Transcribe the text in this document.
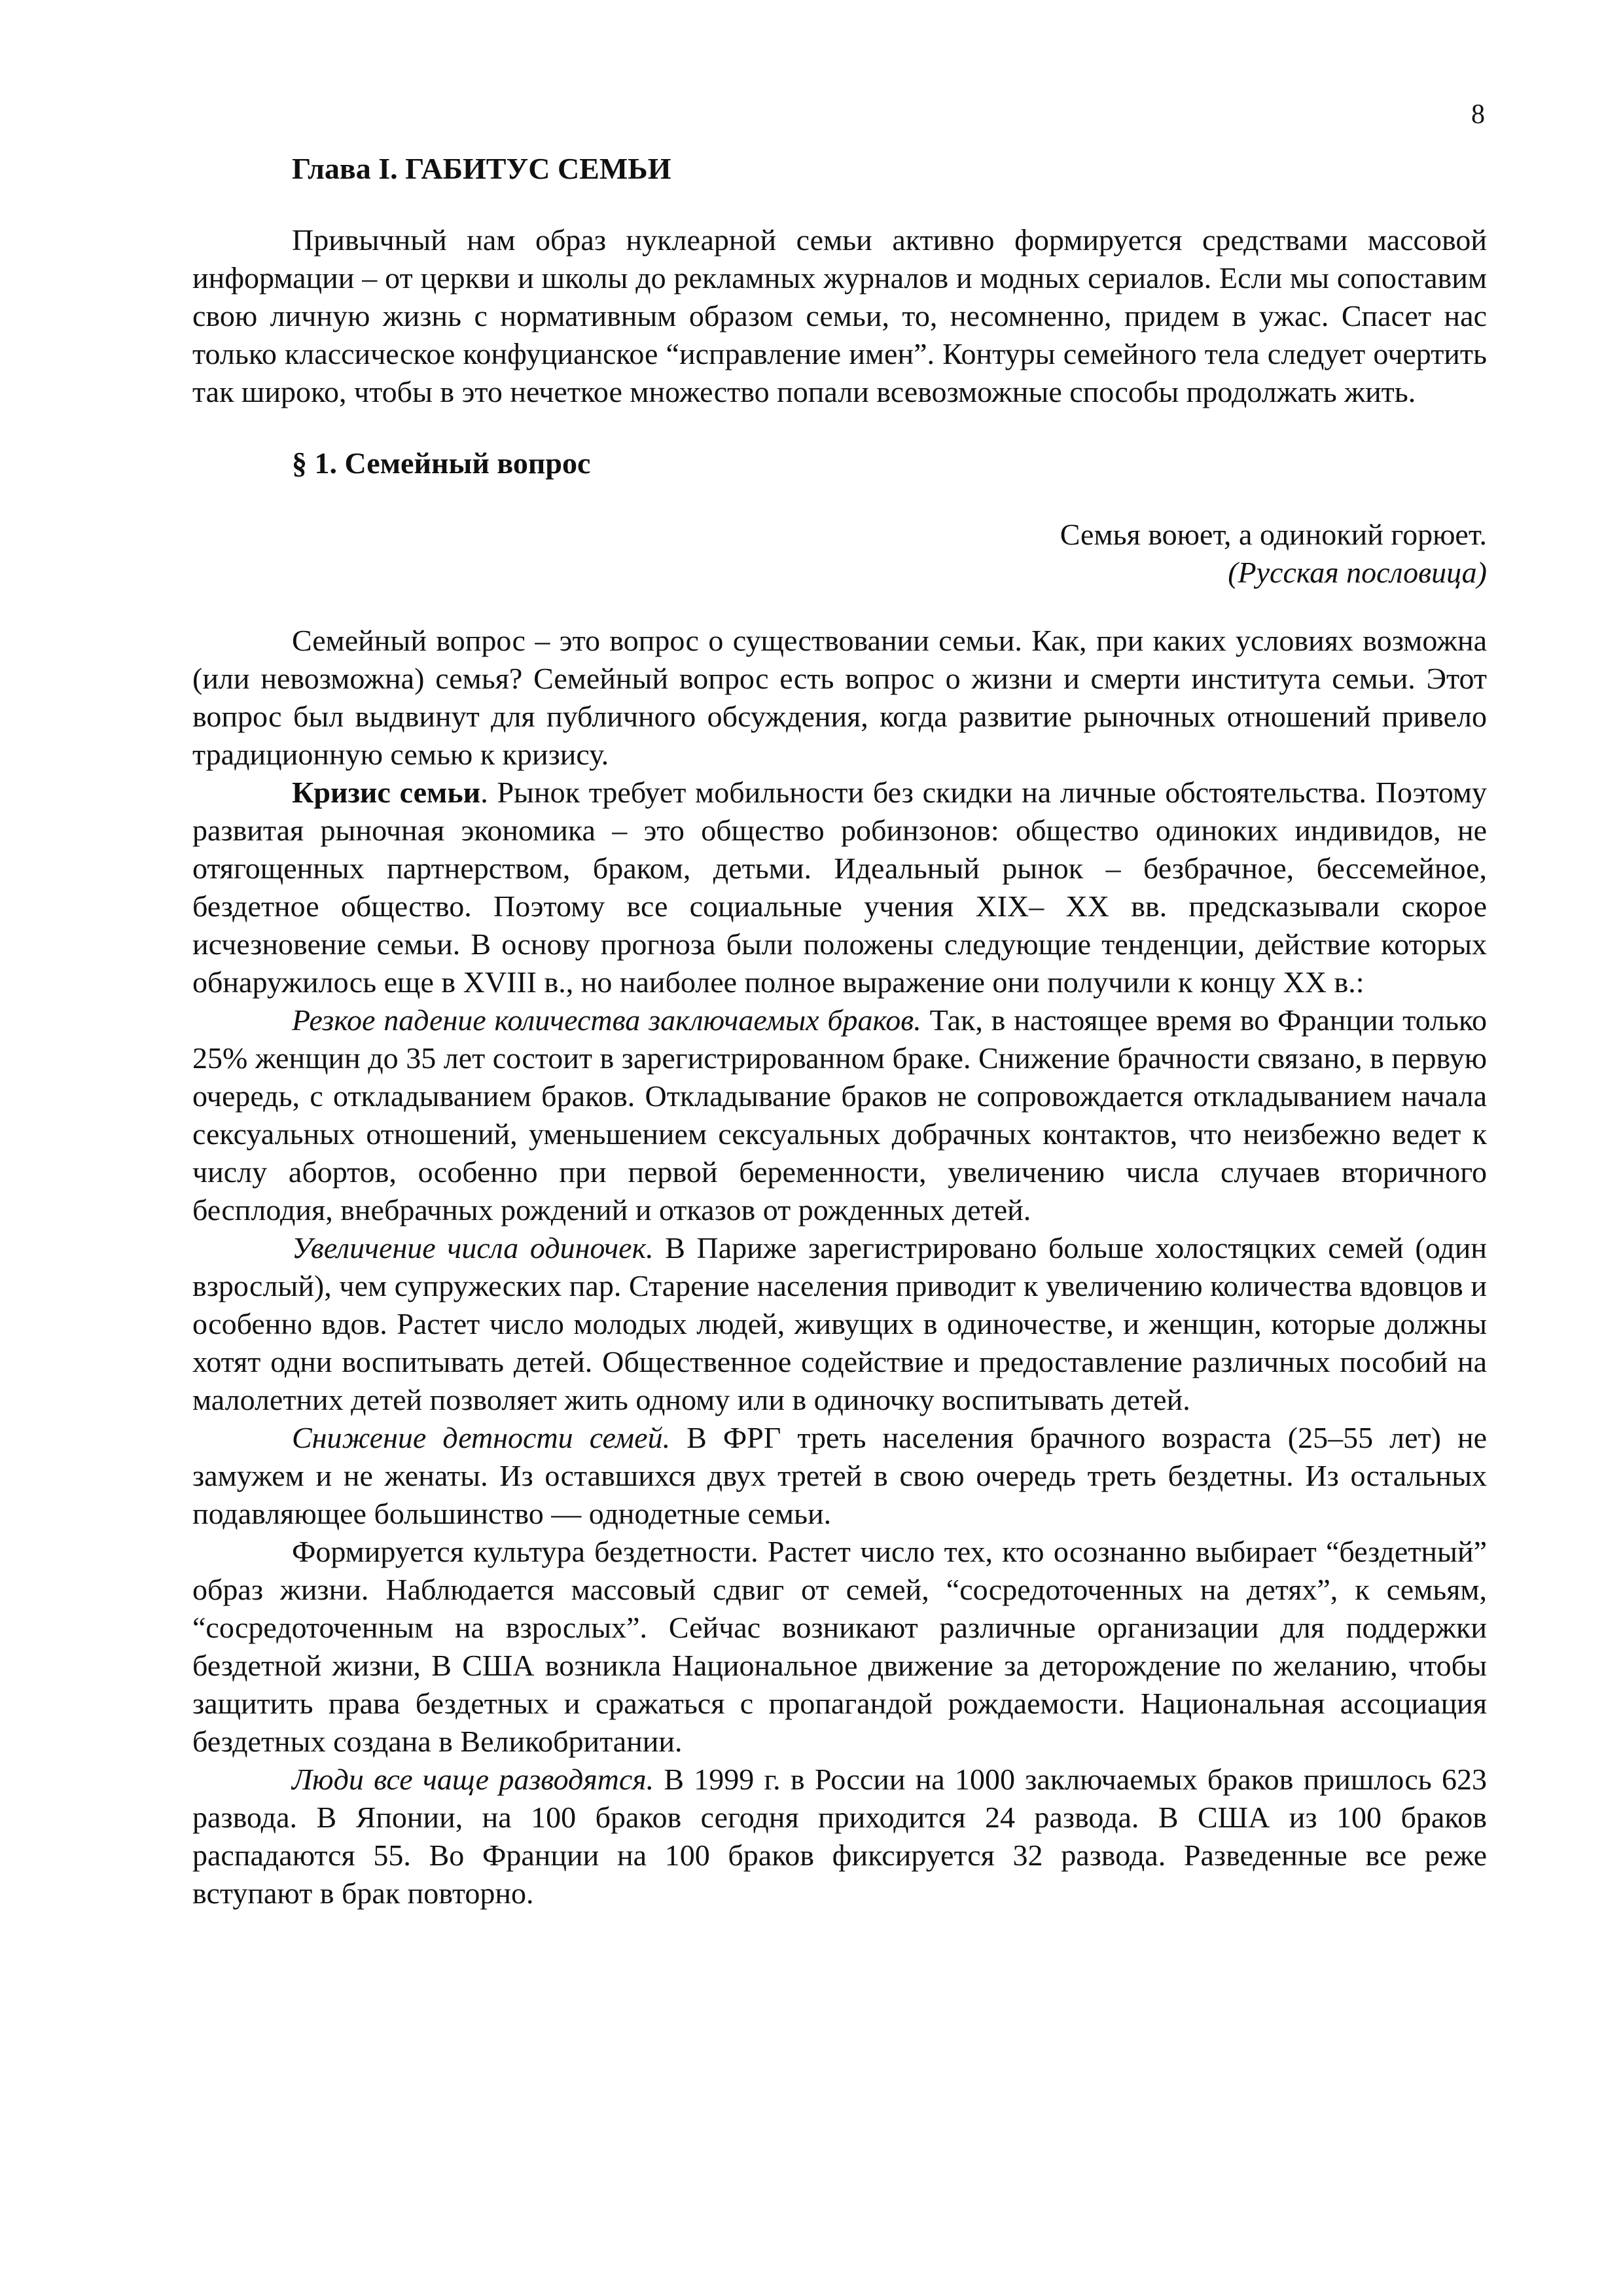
8
Глава I. ГАБИТУС СЕМЬИ

Привычный нам образ нуклеарной семьи активно формируется средствами массовой информации – от церкви и школы до рекламных журналов и модных сериалов. Если мы сопоставим свою личную жизнь с нормативным образом семьи, то, несомненно, придем в ужас. Спасет нас только классическое конфуцианское “исправление имен”. Контуры семейного тела следует очертить так широко, чтобы в это нечеткое множество попали всевозможные способы продолжать жить.

§ 1. Семейный вопрос
Семья воюет, а одинокий горюет.
(Русская пословица)

Семейный вопрос – это вопрос о существовании семьи. Как, при каких условиях возможна (или невозможна) семья? Семейный вопрос есть вопрос о жизни и смерти института семьи. Этот вопрос был выдвинут для публичного обсуждения, когда развитие рыночных отношений привело традиционную семью к кризису.

Кризис семьи. Рынок требует мобильности без скидки на личные обстоятельства. Поэтому развитая рыночная экономика – это общество робинзонов: общество одиноких индивидов, не отягощенных партнерством, браком, детьми. Идеальный рынок – безбрачное, бессемейное, бездетное общество. Поэтому все социальные учения XIX– XX вв. предсказывали скорое исчезновение семьи. В основу прогноза были положены следующие тенденции, действие которых обнаружилось еще в XVIII в., но наиболее полное выражение они получили к концу XX в.:

Резкое падение количества заключаемых браков. Так, в настоящее время во Франции только 25% женщин до 35 лет состоит в зарегистрированном браке. Снижение брачности связано, в первую очередь, с откладыванием браков. Откладывание браков не сопровождается откладыванием начала сексуальных отношений, уменьшением сексуальных добрачных контактов, что неизбежно ведет к числу абортов, особенно при первой беременности, увеличению числа случаев вторичного бесплодия, внебрачных рождений и отказов от рожденных детей.

Увеличение числа одиночек. В Париже зарегистрировано больше холостяцких семей (один взрослый), чем супружеских пар. Старение населения приводит к увеличению количества вдовцов и особенно вдов. Растет число молодых людей, живущих в одиночестве, и женщин, которые должны хотят одни воспитывать детей. Общественное содействие и предоставление различных пособий на малолетних детей позволяет жить одному или в одиночку воспитывать детей.

Снижение детности семей. В ФРГ треть населения брачного возраста (25–55 лет) не замужем и не женаты. Из оставшихся двух третей в свою очередь треть бездетны. Из остальных подавляющее большинство — однодетные семьи.

Формируется культура бездетности. Растет число тех, кто осознанно выбирает “бездетный” образ жизни. Наблюдается массовый сдвиг от семей, “сосредоточенных на детях”, к семьям, “сосредоточенным на взрослых”. Сейчас возникают различные организации для поддержки бездетной жизни, В США возникла Национальное движение за деторождение по желанию, чтобы защитить права бездетных и сражаться с пропагандой рождаемости. Национальная ассоциация бездетных создана в Великобритании.

Люди все чаще разводятся. В 1999 г. в России на 1000 заключаемых браков пришлось 623 развода. В Японии, на 100 браков сегодня приходится 24 развода. В США из 100 браков распадаются 55. Во Франции на 100 браков фиксируется 32 развода. Разведенные все реже вступают в брак повторно.
